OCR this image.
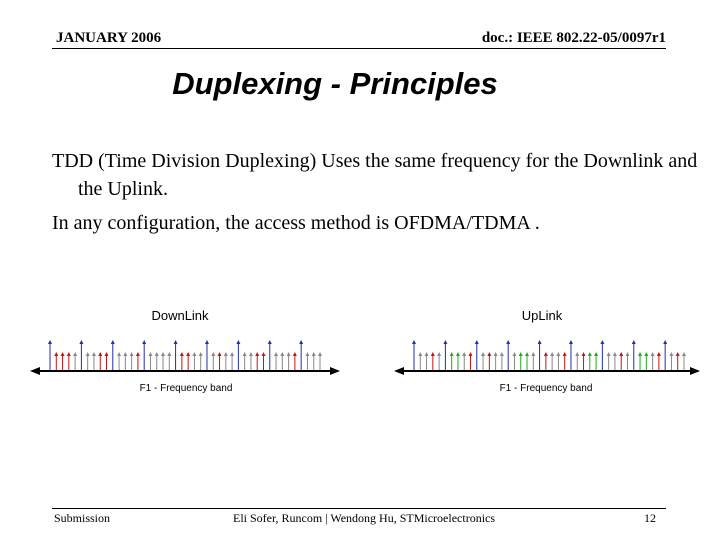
JANUARY 2006	doc.: IEEE 802.22-05/0097r1
Duplexing - Principles
TDD (Time Division Duplexing) Uses the same frequency for the Downlink and the Uplink.
In any configuration, the access method is OFDMA/TDMA .
DownLink
F1 - Frequency band
UpLink
F1 - Frequency band
Submission	Eli Sofer, Runcom | Wendong Hu, STMicroelectronics	12
